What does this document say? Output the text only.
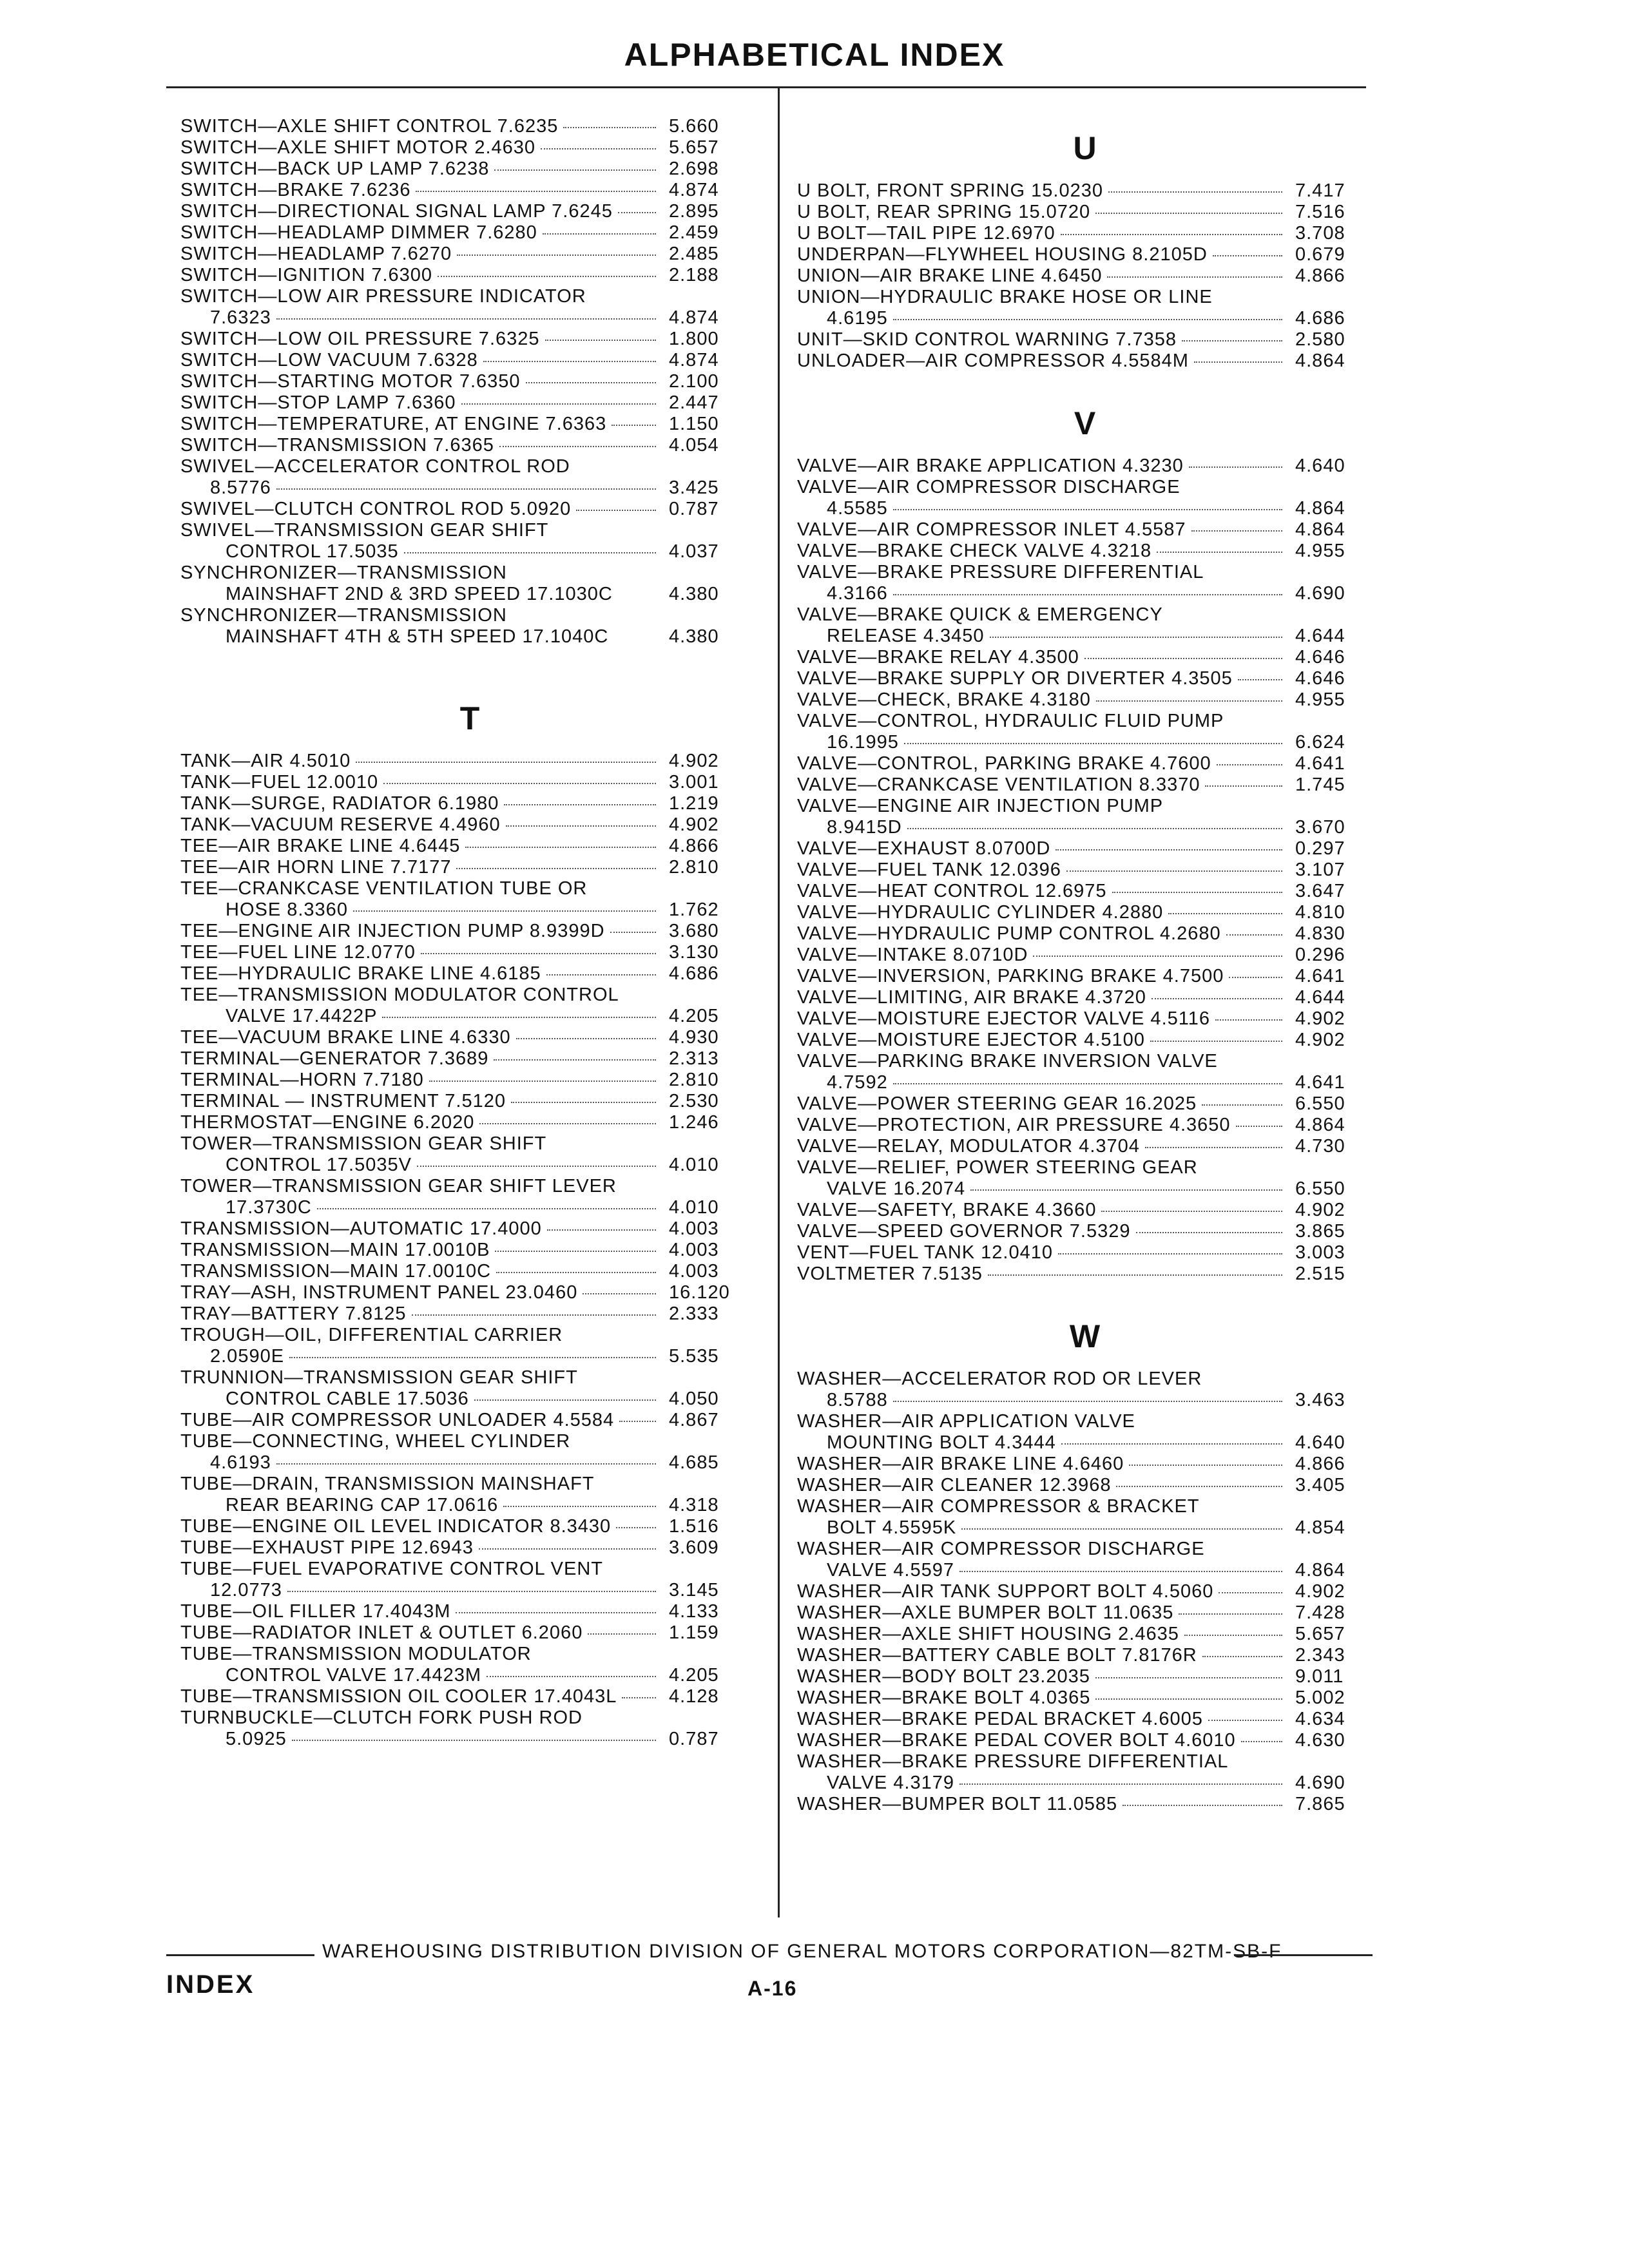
ALPHABETICAL INDEX
SWITCH—AXLE SHIFT CONTROL 7.6235	5.660
SWITCH—AXLE SHIFT MOTOR 2.4630	5.657
SWITCH—BACK UP LAMP 7.6238	2.698
SWITCH—BRAKE 7.6236	4.874
SWITCH—DIRECTIONAL SIGNAL LAMP 7.6245	2.895
SWITCH—HEADLAMP DIMMER 7.6280	2.459
SWITCH—HEADLAMP 7.6270	2.485
SWITCH—IGNITION 7.6300	2.188
SWITCH—LOW AIR PRESSURE INDICATOR
7.6323	4.874
SWITCH—LOW OIL PRESSURE 7.6325	1.800
SWITCH—LOW VACUUM 7.6328	4.874
SWITCH—STARTING MOTOR 7.6350	2.100
SWITCH—STOP LAMP 7.6360	2.447
SWITCH—TEMPERATURE, AT ENGINE 7.6363	1.150
SWITCH—TRANSMISSION 7.6365	4.054
SWIVEL—ACCELERATOR CONTROL ROD
8.5776	3.425
SWIVEL—CLUTCH CONTROL ROD 5.0920	0.787
SWIVEL—TRANSMISSION GEAR SHIFT
CONTROL 17.5035	4.037
SYNCHRONIZER—TRANSMISSION
MAINSHAFT 2ND & 3RD SPEED 17.1030C	4.380
SYNCHRONIZER—TRANSMISSION
MAINSHAFT 4TH & 5TH SPEED 17.1040C	4.380
T
TANK—AIR 4.5010	4.902
TANK—FUEL 12.0010	3.001
TANK—SURGE, RADIATOR 6.1980	1.219
TANK—VACUUM RESERVE 4.4960	4.902
TEE—AIR BRAKE LINE 4.6445	4.866
TEE—AIR HORN LINE 7.7177	2.810
TEE—CRANKCASE VENTILATION TUBE OR
HOSE 8.3360	1.762
TEE—ENGINE AIR INJECTION PUMP 8.9399D	3.680
TEE—FUEL LINE 12.0770	3.130
TEE—HYDRAULIC BRAKE LINE 4.6185	4.686
TEE—TRANSMISSION MODULATOR CONTROL
VALVE 17.4422P	4.205
TEE—VACUUM BRAKE LINE 4.6330	4.930
TERMINAL—GENERATOR 7.3689	2.313
TERMINAL—HORN 7.7180	2.810
TERMINAL — INSTRUMENT 7.5120	2.530
THERMOSTAT—ENGINE 6.2020	1.246
TOWER—TRANSMISSION GEAR SHIFT
CONTROL 17.5035V	4.010
TOWER—TRANSMISSION GEAR SHIFT LEVER
17.3730C	4.010
TRANSMISSION—AUTOMATIC 17.4000	4.003
TRANSMISSION—MAIN 17.0010B	4.003
TRANSMISSION—MAIN 17.0010C	4.003
TRAY—ASH, INSTRUMENT PANEL 23.0460	16.120
TRAY—BATTERY 7.8125	2.333
TROUGH—OIL, DIFFERENTIAL CARRIER
2.0590E	5.535
TRUNNION—TRANSMISSION GEAR SHIFT
CONTROL CABLE 17.5036	4.050
TUBE—AIR COMPRESSOR UNLOADER 4.5584	4.867
TUBE—CONNECTING, WHEEL CYLINDER
4.6193	4.685
TUBE—DRAIN, TRANSMISSION MAINSHAFT
REAR BEARING CAP 17.0616	4.318
TUBE—ENGINE OIL LEVEL INDICATOR 8.3430	1.516
TUBE—EXHAUST PIPE 12.6943	3.609
TUBE—FUEL EVAPORATIVE CONTROL VENT
12.0773	3.145
TUBE—OIL FILLER 17.4043M	4.133
TUBE—RADIATOR INLET & OUTLET 6.2060	1.159
TUBE—TRANSMISSION MODULATOR
CONTROL VALVE 17.4423M	4.205
TUBE—TRANSMISSION OIL COOLER 17.4043L	4.128
TURNBUCKLE—CLUTCH FORK PUSH ROD
5.0925	0.787
U
U BOLT, FRONT SPRING 15.0230	7.417
U BOLT, REAR SPRING 15.0720	7.516
U BOLT—TAIL PIPE 12.6970	3.708
UNDERPAN—FLYWHEEL HOUSING 8.2105D	0.679
UNION—AIR BRAKE LINE 4.6450	4.866
UNION—HYDRAULIC BRAKE HOSE OR LINE
4.6195	4.686
UNIT—SKID CONTROL WARNING 7.7358	2.580
UNLOADER—AIR COMPRESSOR 4.5584M	4.864
V
VALVE—AIR BRAKE APPLICATION 4.3230	4.640
VALVE—AIR COMPRESSOR DISCHARGE
4.5585	4.864
VALVE—AIR COMPRESSOR INLET 4.5587	4.864
VALVE—BRAKE CHECK VALVE 4.3218	4.955
VALVE—BRAKE PRESSURE DIFFERENTIAL
4.3166	4.690
VALVE—BRAKE QUICK & EMERGENCY
RELEASE 4.3450	4.644
VALVE—BRAKE RELAY 4.3500	4.646
VALVE—BRAKE SUPPLY OR DIVERTER 4.3505	4.646
VALVE—CHECK, BRAKE 4.3180	4.955
VALVE—CONTROL, HYDRAULIC FLUID PUMP
16.1995	6.624
VALVE—CONTROL, PARKING BRAKE 4.7600	4.641
VALVE—CRANKCASE VENTILATION 8.3370	1.745
VALVE—ENGINE AIR INJECTION PUMP
8.9415D	3.670
VALVE—EXHAUST 8.0700D	0.297
VALVE—FUEL TANK 12.0396	3.107
VALVE—HEAT CONTROL 12.6975	3.647
VALVE—HYDRAULIC CYLINDER 4.2880	4.810
VALVE—HYDRAULIC PUMP CONTROL 4.2680	4.830
VALVE—INTAKE 8.0710D	0.296
VALVE—INVERSION, PARKING BRAKE 4.7500	4.641
VALVE—LIMITING, AIR BRAKE 4.3720	4.644
VALVE—MOISTURE EJECTOR VALVE 4.5116	4.902
VALVE—MOISTURE EJECTOR 4.5100	4.902
VALVE—PARKING BRAKE INVERSION VALVE
4.7592	4.641
VALVE—POWER STEERING GEAR 16.2025	6.550
VALVE—PROTECTION, AIR PRESSURE 4.3650	4.864
VALVE—RELAY, MODULATOR 4.3704	4.730
VALVE—RELIEF, POWER STEERING GEAR
VALVE 16.2074	6.550
VALVE—SAFETY, BRAKE 4.3660	4.902
VALVE—SPEED GOVERNOR 7.5329	3.865
VENT—FUEL TANK 12.0410	3.003
VOLTMETER 7.5135	2.515
W
WASHER—ACCELERATOR ROD OR LEVER
8.5788	3.463
WASHER—AIR APPLICATION VALVE
MOUNTING BOLT 4.3444	4.640
WASHER—AIR BRAKE LINE 4.6460	4.866
WASHER—AIR CLEANER 12.3968	3.405
WASHER—AIR COMPRESSOR & BRACKET
BOLT 4.5595K	4.854
WASHER—AIR COMPRESSOR DISCHARGE
VALVE 4.5597	4.864
WASHER—AIR TANK SUPPORT BOLT 4.5060	4.902
WASHER—AXLE BUMPER BOLT 11.0635	7.428
WASHER—AXLE SHIFT HOUSING 2.4635	5.657
WASHER—BATTERY CABLE BOLT 7.8176R	2.343
WASHER—BODY BOLT 23.2035	9.011
WASHER—BRAKE BOLT 4.0365	5.002
WASHER—BRAKE PEDAL BRACKET 4.6005	4.634
WASHER—BRAKE PEDAL COVER BOLT 4.6010	4.630
WASHER—BRAKE PRESSURE DIFFERENTIAL
VALVE 4.3179	4.690
WASHER—BUMPER BOLT 11.0585	7.865
WAREHOUSING DISTRIBUTION DIVISION OF GENERAL MOTORS CORPORATION—82TM-SB-F
INDEX	A-16
